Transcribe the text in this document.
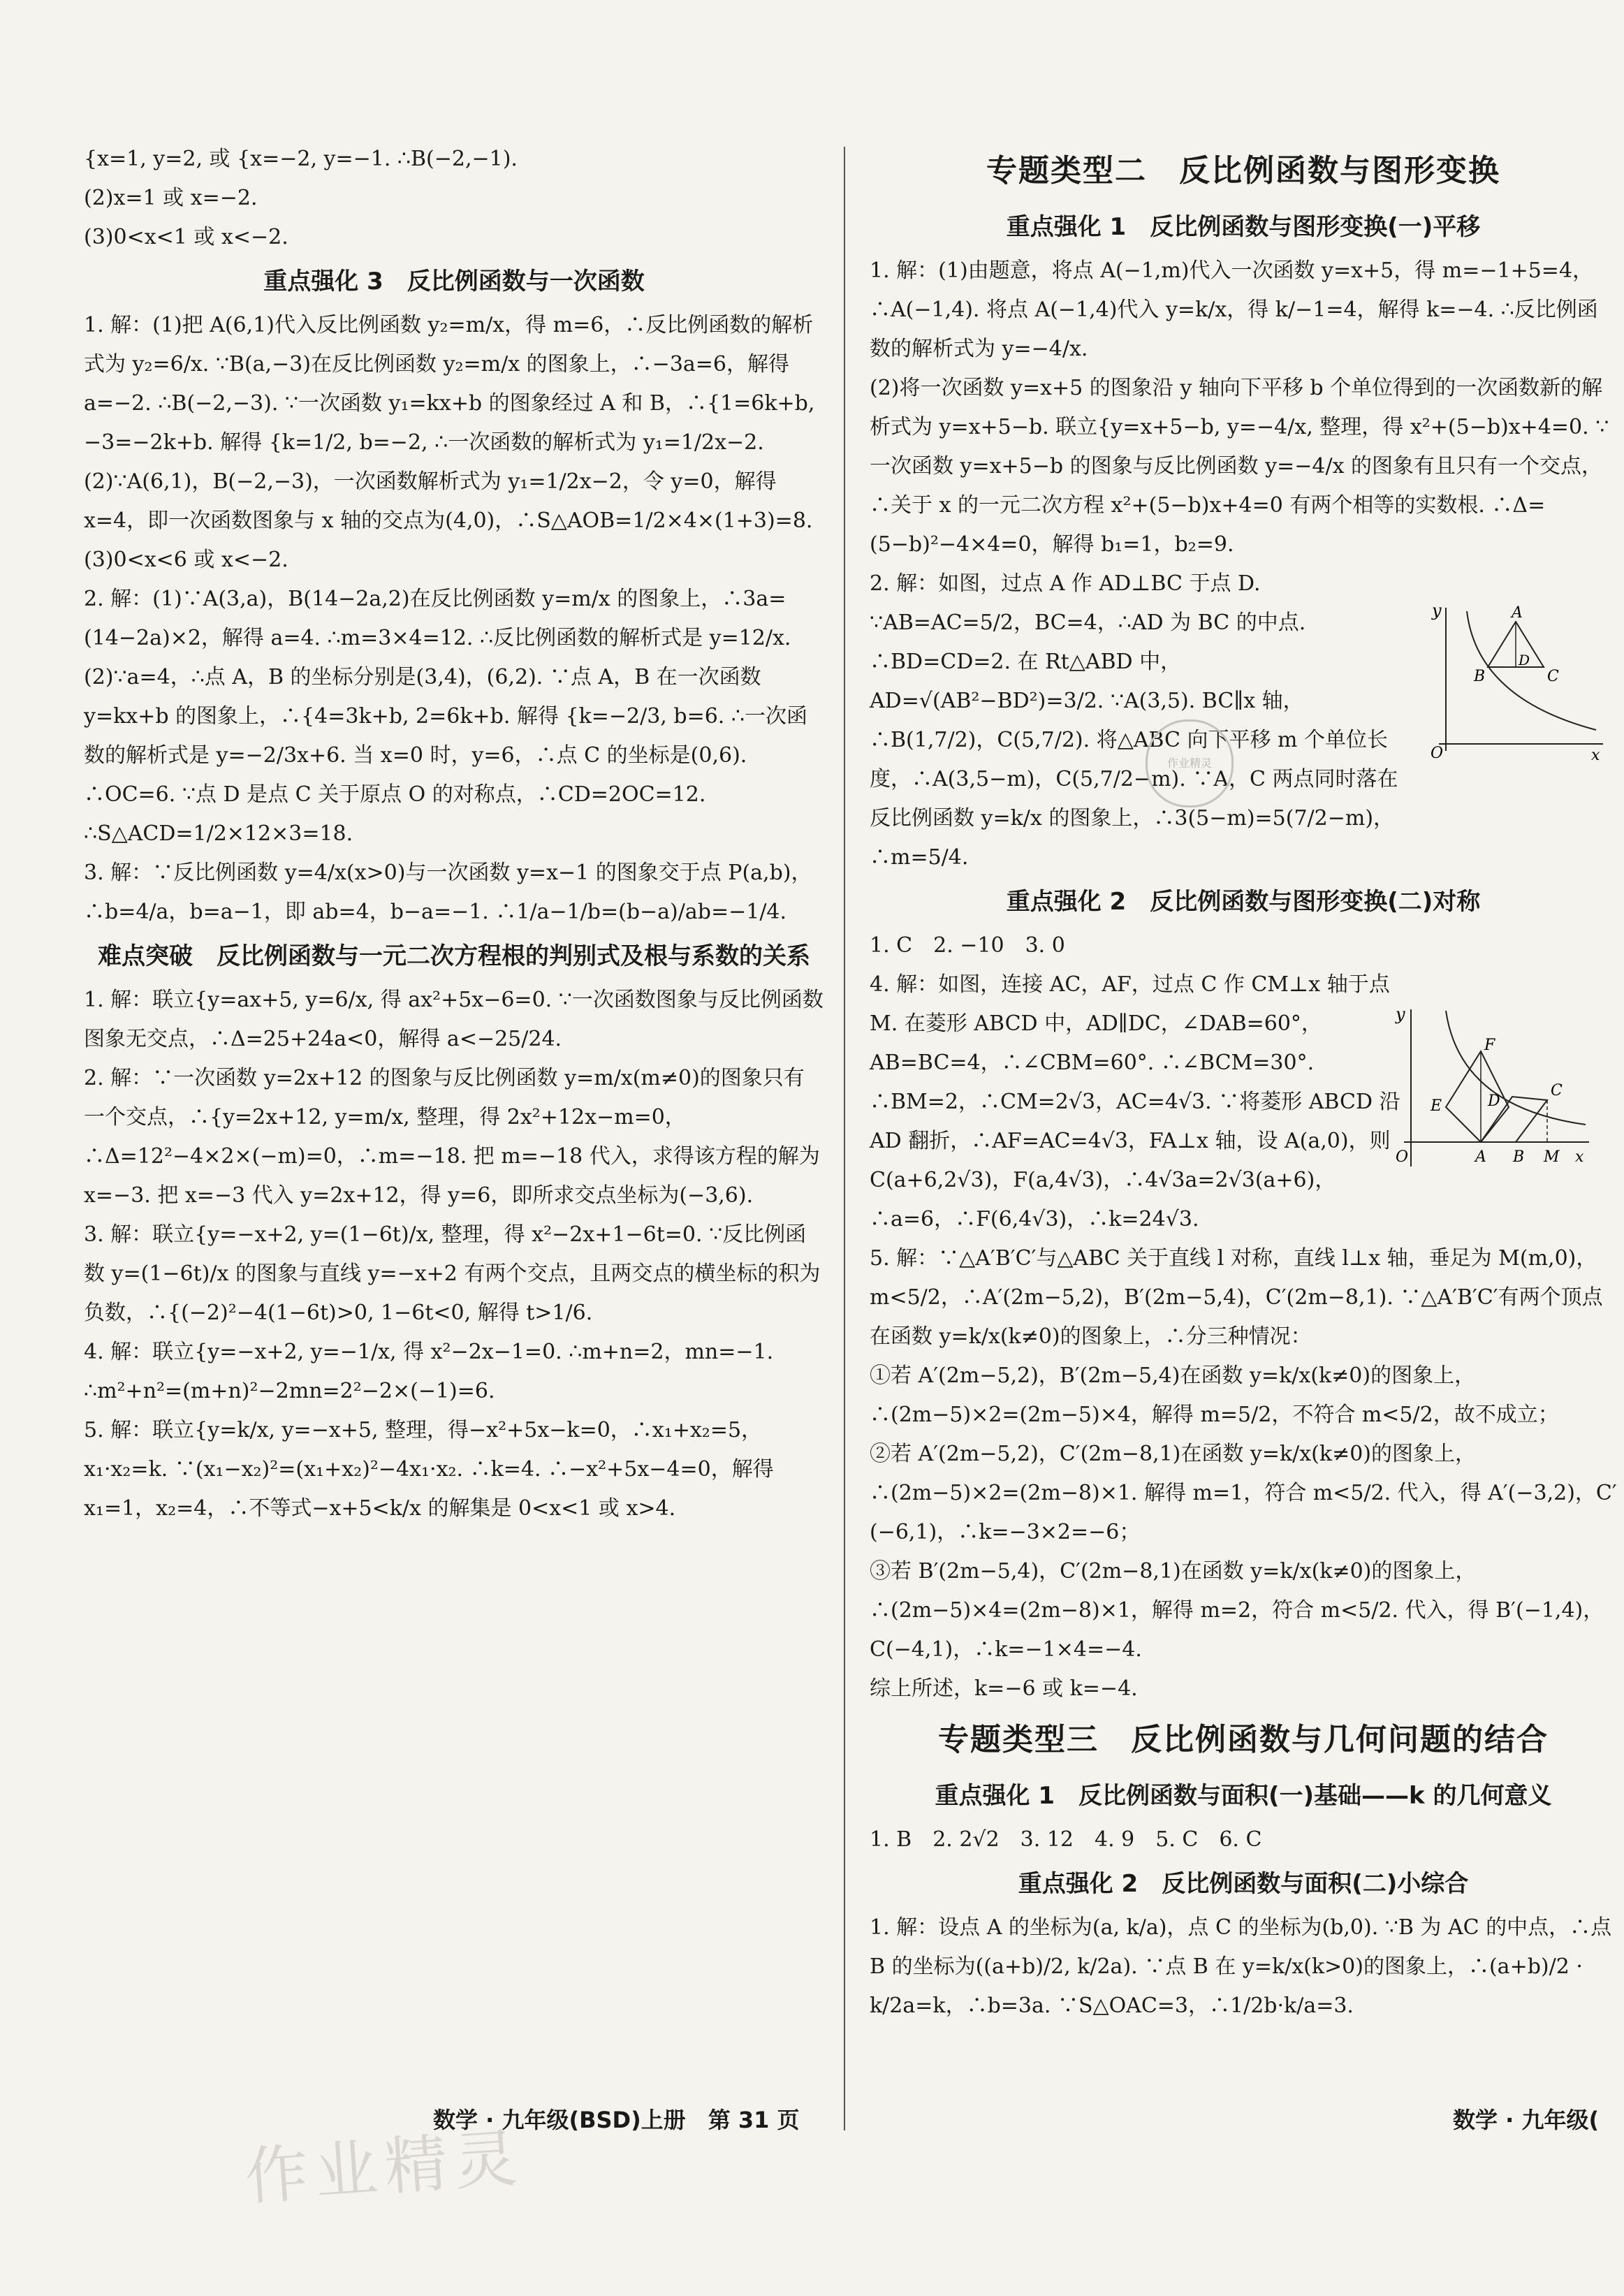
{x=1, y=2, 或 {x=−2, y=−1. ∴B(−2,−1).

(2)x=1 或 x=−2.

(3)0<x<1 或 x<−2.

重点强化 3　反比例函数与一次函数

1. 解：(1)把 A(6,1)代入反比例函数 y₂=m/x，得 m=6，∴反比例函数的解析式为 y₂=6/x. ∵B(a,−3)在反比例函数 y₂=m/x 的图象上，∴−3a=6，解得 a=−2. ∴B(−2,−3). ∵一次函数 y₁=kx+b 的图象经过 A 和 B，∴{1=6k+b, −3=−2k+b. 解得 {k=1/2, b=−2, ∴一次函数的解析式为 y₁=1/2x−2.

(2)∵A(6,1)，B(−2,−3)，一次函数解析式为 y₁=1/2x−2，令 y=0，解得 x=4，即一次函数图象与 x 轴的交点为(4,0)，∴S△AOB=1/2×4×(1+3)=8.

(3)0<x<6 或 x<−2.

2. 解：(1)∵A(3,a)，B(14−2a,2)在反比例函数 y=m/x 的图象上，∴3a=(14−2a)×2，解得 a=4. ∴m=3×4=12. ∴反比例函数的解析式是 y=12/x.

(2)∵a=4，∴点 A，B 的坐标分别是(3,4)，(6,2). ∵点 A，B 在一次函数 y=kx+b 的图象上，∴{4=3k+b, 2=6k+b. 解得 {k=−2/3, b=6. ∴一次函数的解析式是 y=−2/3x+6. 当 x=0 时，y=6，∴点 C 的坐标是(0,6). ∴OC=6. ∵点 D 是点 C 关于原点 O 的对称点，∴CD=2OC=12. ∴S△ACD=1/2×12×3=18.

3. 解：∵反比例函数 y=4/x(x>0)与一次函数 y=x−1 的图象交于点 P(a,b)，∴b=4/a，b=a−1，即 ab=4，b−a=−1. ∴1/a−1/b=(b−a)/ab=−1/4.

难点突破　反比例函数与一元二次方程根的判别式及根与系数的关系

1. 解：联立{y=ax+5, y=6/x, 得 ax²+5x−6=0. ∵一次函数图象与反比例函数图象无交点，∴Δ=25+24a<0，解得 a<−25/24.

2. 解：∵一次函数 y=2x+12 的图象与反比例函数 y=m/x(m≠0)的图象只有一个交点，∴{y=2x+12, y=m/x, 整理，得 2x²+12x−m=0，∴Δ=12²−4×2×(−m)=0，∴m=−18. 把 m=−18 代入，求得该方程的解为 x=−3. 把 x=−3 代入 y=2x+12，得 y=6，即所求交点坐标为(−3,6).

3. 解：联立{y=−x+2, y=(1−6t)/x, 整理，得 x²−2x+1−6t=0. ∵反比例函数 y=(1−6t)/x 的图象与直线 y=−x+2 有两个交点，且两交点的横坐标的积为负数，∴{(−2)²−4(1−6t)>0, 1−6t<0, 解得 t>1/6.

4. 解：联立{y=−x+2, y=−1/x, 得 x²−2x−1=0. ∴m+n=2，mn=−1. ∴m²+n²=(m+n)²−2mn=2²−2×(−1)=6.

5. 解：联立{y=k/x, y=−x+5, 整理，得−x²+5x−k=0，∴x₁+x₂=5，x₁·x₂=k. ∵(x₁−x₂)²=(x₁+x₂)²−4x₁·x₂. ∴k=4. ∴−x²+5x−4=0，解得 x₁=1，x₂=4，∴不等式−x+5<k/x 的解集是 0<x<1 或 x>4.

专题类型二　反比例函数与图形变换
重点强化 1　反比例函数与图形变换(一)平移

1. 解：(1)由题意，将点 A(−1,m)代入一次函数 y=x+5，得 m=−1+5=4，∴A(−1,4). 将点 A(−1,4)代入 y=k/x，得 k/−1=4，解得 k=−4. ∴反比例函数的解析式为 y=−4/x.

(2)将一次函数 y=x+5 的图象沿 y 轴向下平移 b 个单位得到的一次函数新的解析式为 y=x+5−b. 联立{y=x+5−b, y=−4/x, 整理，得 x²+(5−b)x+4=0. ∵一次函数 y=x+5−b 的图象与反比例函数 y=−4/x 的图象有且只有一个交点，∴关于 x 的一元二次方程 x²+(5−b)x+4=0 有两个相等的实数根. ∴Δ=(5−b)²−4×4=0，解得 b₁=1，b₂=9.

2. 解：如图，过点 A 作 AD⊥BC 于点 D. ∵AB=AC=5/2，BC=4，∴AD 为 BC 的中点. ∴BD=CD=2. 在 Rt△ABD 中，AD=√(AB²−BD²)=3/2. ∵A(3,5). BC∥x 轴，∴B(1,7/2)，C(5,7/2). 将△ABC 向下平移 m 个单位长度，∴A(3,5−m)，C(5,7/2−m). ∵A，C 两点同时落在反比例函数 y=k/x 的图象上，∴3(5−m)=5(7/2−m)，∴m=5/4.

重点强化 2　反比例函数与图形变换(二)对称

1. C　2. −10　3. 0

4. 解：如图，连接 AC，AF，过点 C 作 CM⊥x 轴于点 M. 在菱形 ABCD 中，AD∥DC，∠DAB=60°，AB=BC=4，∴∠CBM=60°. ∴∠BCM=30°. ∴BM=2，∴CM=2√3，AC=4√3. ∵将菱形 ABCD 沿 AD 翻折，∴AF=AC=4√3，FA⊥x 轴，设 A(a,0)，则 C(a+6,2√3)，F(a,4√3)，∴4√3a=2√3(a+6)，∴a=6，∴F(6,4√3)，∴k=24√3.

5. 解：∵△A′B′C′与△ABC 关于直线 l 对称，直线 l⊥x 轴，垂足为 M(m,0)，m<5/2，∴A′(2m−5,2)，B′(2m−5,4)，C′(2m−8,1). ∵△A′B′C′有两个顶点在函数 y=k/x(k≠0)的图象上，∴分三种情况：

①若 A′(2m−5,2)，B′(2m−5,4)在函数 y=k/x(k≠0)的图象上，∴(2m−5)×2=(2m−5)×4，解得 m=5/2，不符合 m<5/2，故不成立；

②若 A′(2m−5,2)，C′(2m−8,1)在函数 y=k/x(k≠0)的图象上，∴(2m−5)×2=(2m−8)×1. 解得 m=1，符合 m<5/2. 代入，得 A′(−3,2)，C′(−6,1)，∴k=−3×2=−6；

③若 B′(2m−5,4)，C′(2m−8,1)在函数 y=k/x(k≠0)的图象上，∴(2m−5)×4=(2m−8)×1，解得 m=2，符合 m<5/2. 代入，得 B′(−1,4)，C(−4,1)，∴k=−1×4=−4.

综上所述，k=−6 或 k=−4.

专题类型三　反比例函数与几何问题的结合
重点强化 1　反比例函数与面积(一)基础——k 的几何意义

1. B　2. 2√2　3. 12　4. 9　5. C　6. C

重点强化 2　反比例函数与面积(二)小综合

1. 解：设点 A 的坐标为(a, k/a)，点 C 的坐标为(b,0). ∵B 为 AC 的中点，∴点 B 的坐标为((a+b)/2, k/2a). ∵点 B 在 y=k/x(k>0)的图象上，∴(a+b)/2 · k/2a=k，∴b=3a. ∵S△OAC=3，∴1/2b·k/a=3.

y	A
D
B	C
O	x
y
F
E	D
C
O	A B M x
作业精灵
数学 · 九年级(BSD)上册　第 31 页	数学 · 九年级(
作业精灵
